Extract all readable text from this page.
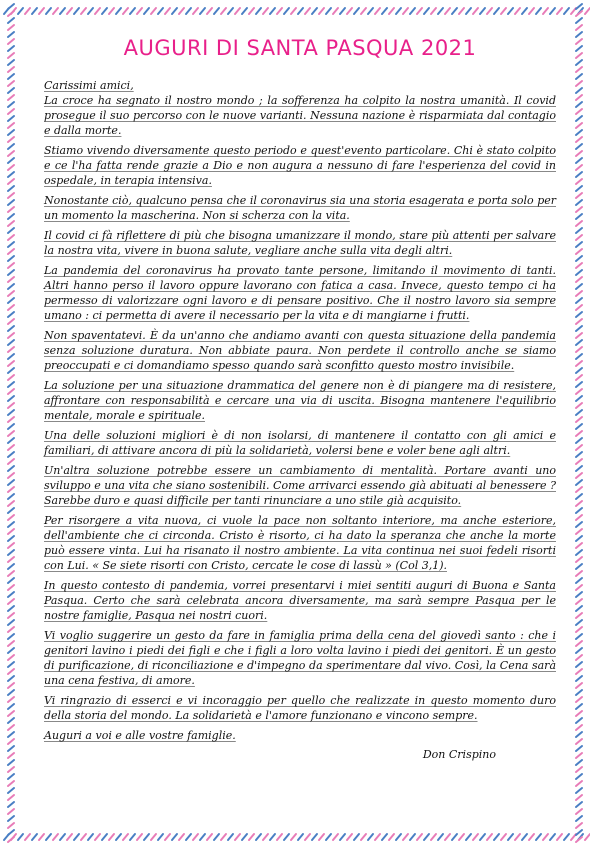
AUGURI DI SANTA PASQUA 2021
Carissimi amici,
La croce ha segnato il nostro mondo ; la sofferenza ha colpito la nostra umanità. Il covid prosegue il suo percorso con le nuove varianti. Nessuna nazione è risparmiata dal contagio e dalla morte.
Stiamo vivendo diversamente questo periodo e quest'evento particolare. Chi è stato colpito e ce l'ha fatta rende grazie a Dio e non augura a nessuno di fare l'esperienza del covid in ospedale, in terapia intensiva.
Nonostante ciò, qualcuno pensa che il coronavirus sia una storia esagerata e porta solo per un momento la mascherina. Non si scherza con la vita.
Il covid ci fà riflettere di più che bisogna umanizzare il mondo, stare più attenti per salvare la nostra vita, vivere in buona salute, vegliare anche sulla vita degli altri.
La pandemia del coronavirus ha provato tante persone, limitando il movimento di tanti. Altri hanno perso il lavoro oppure lavorano con fatica a casa. Invece, questo tempo ci ha permesso di valorizzare ogni lavoro e di pensare positivo. Che il nostro lavoro sia sempre umano : ci permetta di avere il necessario per la vita e di mangiarne i frutti.
Non spaventatevi. È da un'anno che andiamo avanti con questa situazione della pandemia senza soluzione duratura. Non abbiate paura. Non perdete il controllo anche se siamo preoccupati e ci domandiamo spesso quando sarà sconfitto questo mostro invisibile.
La soluzione per una situazione drammatica del genere non è di piangere ma di resistere, affrontare con responsabilità e cercare una via di uscita. Bisogna mantenere l'equilibrio mentale, morale e spirituale.
Una delle soluzioni migliori è di non isolarsi, di mantenere il contatto con gli amici e familiari, di attivare ancora di più la solidarietà, volersi bene e voler bene agli altri.
Un'altra soluzione potrebbe essere un cambiamento di mentalità. Portare avanti uno sviluppo e una vita che siano sostenibili. Come arrivarci essendo già abituati al benessere ? Sarebbe duro e quasi difficile per tanti rinunciare a uno stile già acquisito.
Per risorgere a vita nuova, ci vuole la pace non soltanto interiore, ma anche esteriore, dell'ambiente che ci circonda. Cristo è risorto, ci ha dato la speranza che anche la morte può essere vinta. Lui ha risanato il nostro ambiente. La vita continua nei suoi fedeli risorti con Lui. « Se siete risorti con Cristo, cercate le cose di lassù » (Col 3,1).
In questo contesto di pandemia, vorrei presentarvi i miei sentiti auguri di Buona e Santa Pasqua. Certo che sarà celebrata ancora diversamente, ma sarà sempre Pasqua per le nostre famiglie, Pasqua nei nostri cuori.
Vi voglio suggerire un gesto da fare in famiglia prima della cena del giovedì santo : che i genitori lavino i piedi dei figli e che i figli a loro volta lavino i piedi dei genitori. È un gesto di purificazione, di riconciliazione e d'impegno da sperimentare dal vivo. Così, la Cena sarà una cena festiva, di amore.
Vi ringrazio di esserci e vi incoraggio per quello che realizzate in questo momento duro della storia del mondo. La solidarietà e l'amore funzionano e vincono sempre.
Auguri a voi e alle vostre famiglie.
Don Crispino
